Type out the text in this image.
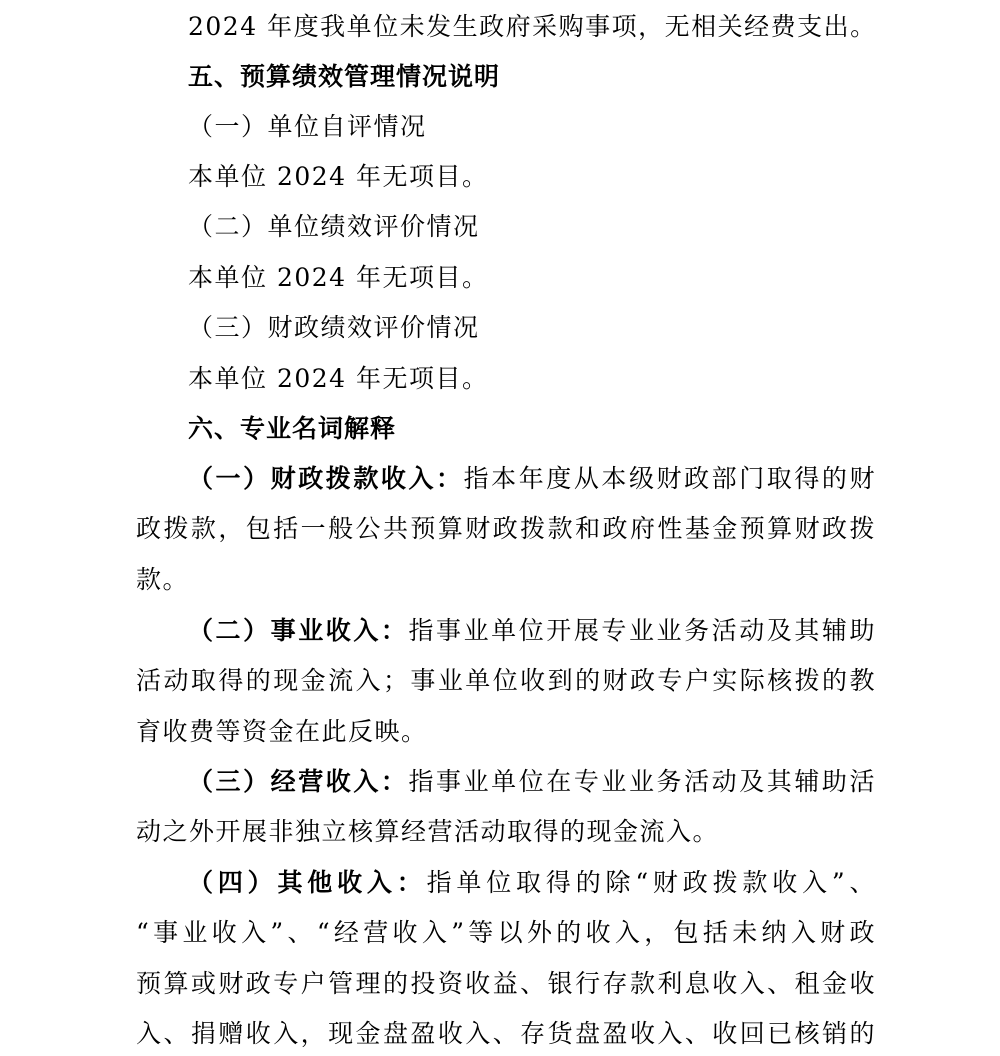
2024 年度我单位未发生政府采购事项，无相关经费支出。
五、预算绩效管理情况说明
（一）单位自评情况
本单位 2024 年无项目。
（二）单位绩效评价情况
本单位 2024 年无项目。
（三）财政绩效评价情况
本单位 2024 年无项目。
六、专业名词解释
（一）财政拨款收入：指本年度从本级财政部门取得的财
政拨款，包括一般公共预算财政拨款和政府性基金预算财政拨
款。
（二）事业收入：指事业单位开展专业业务活动及其辅助
活动取得的现金流入；事业单位收到的财政专户实际核拨的教
育收费等资金在此反映。
（三）经营收入：指事业单位在专业业务活动及其辅助活
动之外开展非独立核算经营活动取得的现金流入。
（四）其他收入：指单位取得的除“财政拨款收入”、
“事业收入”、“经营收入”等以外的收入，包括未纳入财政
预算或财政专户管理的投资收益、银行存款利息收入、租金收
入、捐赠收入，现金盘盈收入、存货盘盈收入、收回已核销的
